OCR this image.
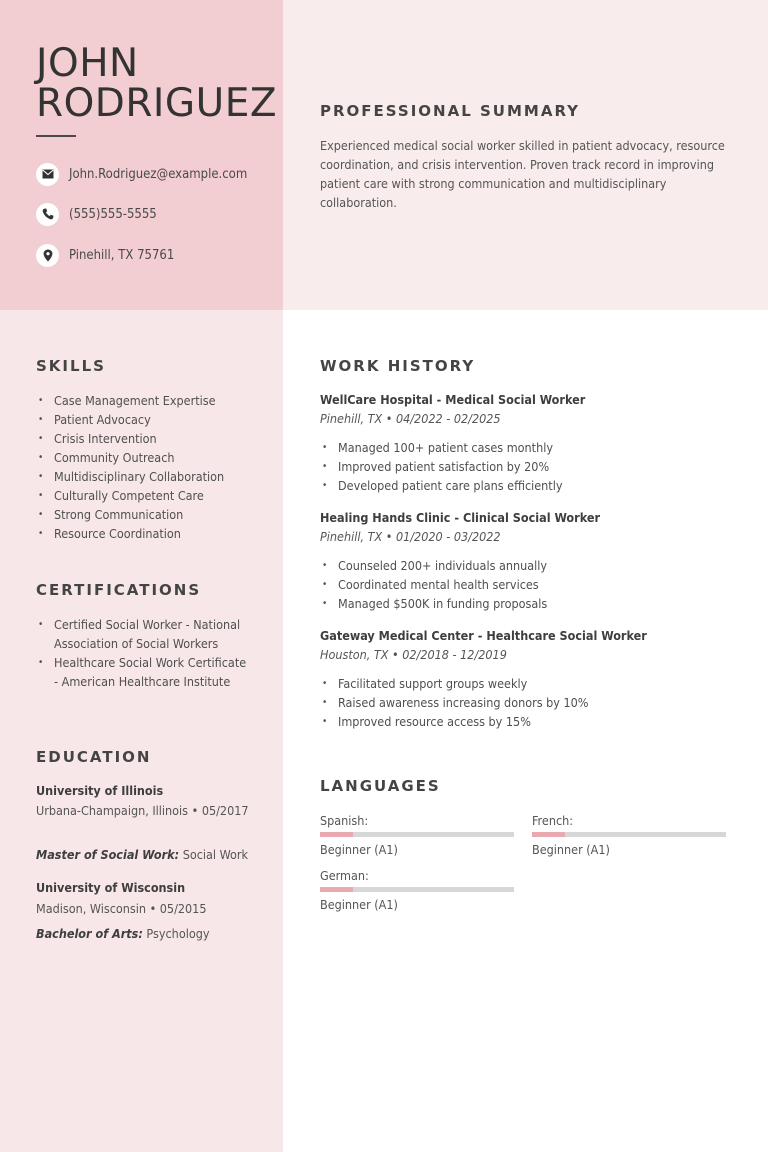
JOHN
RODRIGUEZ
John.Rodriguez@example.com
(555)555-5555
Pinehill, TX 75761
PROFESSIONAL SUMMARY

Experienced medical social worker skilled in patient advocacy, resource coordination, and crisis intervention. Proven track record in improving patient care with strong communication and multidisciplinary collaboration.

SKILLS
• Case Management Expertise
• Patient Advocacy
• Crisis Intervention
• Community Outreach
• Multidisciplinary Collaboration
• Culturally Competent Care
• Strong Communication
• Resource Coordination
CERTIFICATIONS
• Certified Social Worker - National Association of Social Workers
• Healthcare Social Work Certificate - American Healthcare Institute
EDUCATION
University of Illinois
Urbana-Champaign, Illinois • 05/2017
Master of Social Work: Social Work
University of Wisconsin
Madison, Wisconsin • 05/2015
Bachelor of Arts: Psychology
WORK HISTORY
WellCare Hospital - Medical Social Worker
Pinehill, TX • 04/2022 - 02/2025
• Managed 100+ patient cases monthly
• Improved patient satisfaction by 20%
• Developed patient care plans efficiently
Healing Hands Clinic - Clinical Social Worker
Pinehill, TX • 01/2020 - 03/2022
• Counseled 200+ individuals annually
• Coordinated mental health services
• Managed $500K in funding proposals
Gateway Medical Center - Healthcare Social Worker
Houston, TX • 02/2018 - 12/2019
• Facilitated support groups weekly
• Raised awareness increasing donors by 10%
• Improved resource access by 15%
LANGUAGES
Spanish:
Beginner (A1)
French:
Beginner (A1)
German:
Beginner (A1)
